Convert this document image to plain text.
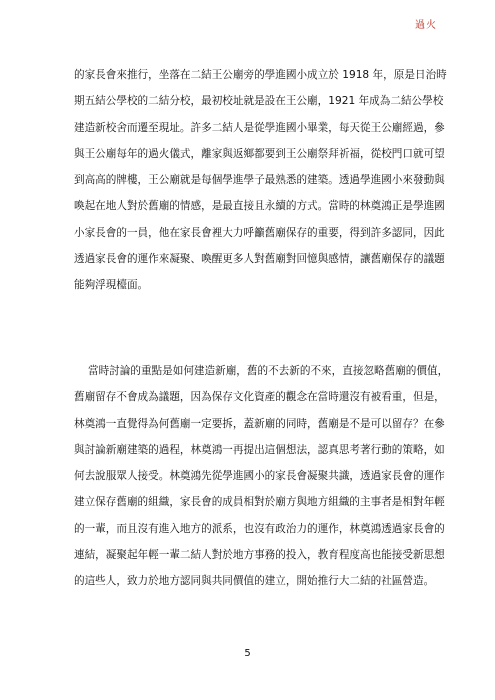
過火
的家長會來推行，坐落在二結王公廟旁的學進國小成立於 1918 年，原是日治時
期五結公學校的二結分校，最初校址就是設在王公廟，1921 年成為二結公學校
建造新校舍而遷至現址。許多二結人是從學進國小畢業，每天從王公廟經過，參
與王公廟每年的過火儀式，離家與返鄉都要到王公廟祭拜祈福，從校門口就可望
到高高的牌樓，王公廟就是每個學進學子最熟悉的建築。透過學進國小來發動與
喚起在地人對於舊廟的情感，是最直接且永續的方式。當時的林奠鴻正是學進國
小家長會的一員，他在家長會裡大力呼籲舊廟保存的重要，得到許多認同，因此
透過家長會的運作來凝聚、喚醒更多人對舊廟對回憶與感情，讓舊廟保存的議題
能夠浮現檯面。
當時討論的重點是如何建造新廟，舊的不去新的不來，直接忽略舊廟的價值，
舊廟留存不會成為議題，因為保存文化資產的觀念在當時還沒有被看重，但是，
林奠鴻一直覺得為何舊廟一定要拆，蓋新廟的同時，舊廟是不是可以留存？在參
與討論新廟建築的過程，林奠鴻一再提出這個想法，認真思考著行動的策略，如
何去說服眾人接受。林奠鴻先從學進國小的家長會凝聚共識，透過家長會的運作
建立保存舊廟的組織，家長會的成員相對於廟方與地方組織的主事者是相對年輕
的一輩，而且沒有進入地方的派系，也沒有政治力的運作，林奠鴻透過家長會的
連結，凝聚起年輕一輩二結人對於地方事務的投入，教育程度高也能接受新思想
的這些人，致力於地方認同與共同價值的建立，開始推行大二結的社區營造。
5
